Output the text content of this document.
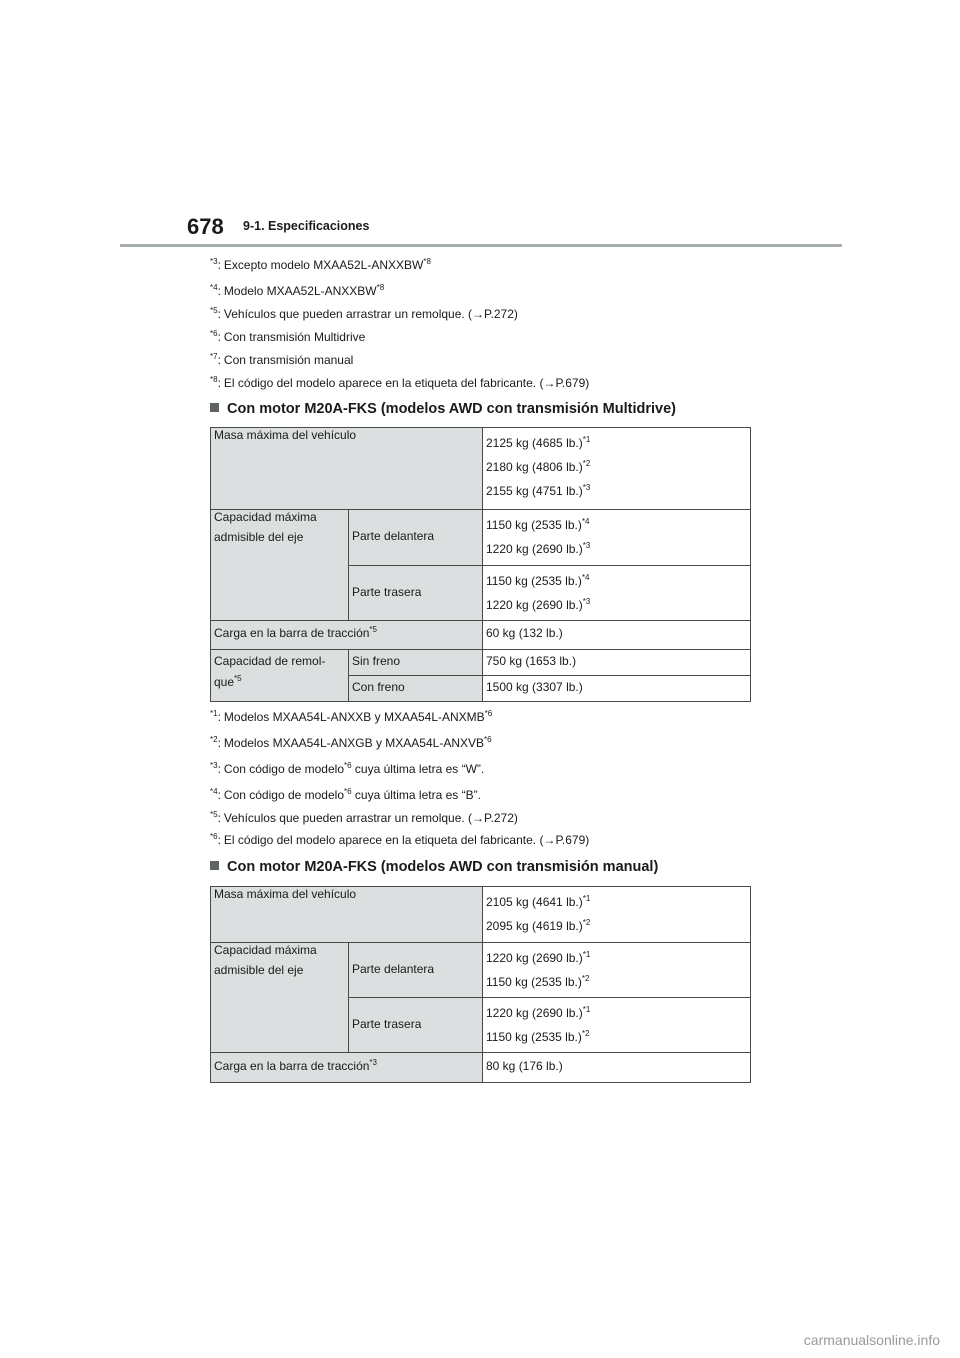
678 9-1. Especificaciones
$^{*3}$: Excepto modelo MXAA52L-ANXXBW$^{*8}$
$^{*4}$: Modelo MXAA52L-ANXXBW$^{*8}$
$^{*5}$: Vehículos que pueden arrastrar un remolque. (→P.272)
$^{*6}$: Con transmisión Multidrive
$^{*7}$: Con transmisión manual
$^{*8}$: El código del modelo aparece en la etiqueta del fabricante. (→P.679)
Con motor M20A-FKS (modelos AWD con transmisión Multidrive)
Masa máxima del vehículo		2125 kg (4685 lb.)$^{*1}$
2180 kg (4806 lb.)$^{*2}$
2155 kg (4751 lb.)$^{*3}$

Capacidad máxima
admisible del eje	Parte delantera	1150 kg (2535 lb.)$^{*4}$
1220 kg (2690 lb.)$^{*3}$

	Parte trasera	1150 kg (2535 lb.)$^{*4}$
1220 kg (2690 lb.)$^{*3}$

Carga en la barra de tracción$^{*5}$		60 kg (132 lb.)

Capacidad de remol-
que$^{*5}$	Sin freno	750 kg (1653 lb.)
	Con freno	1500 kg (3307 lb.)
$^{*1}$: Modelos MXAA54L-ANXXB y MXAA54L-ANXMB$^{*6}$
$^{*2}$: Modelos MXAA54L-ANXGB y MXAA54L-ANXVB$^{*6}$
$^{*3}$: Con código de modelo$^{*6}$ cuya última letra es “W”.
$^{*4}$: Con código de modelo$^{*6}$ cuya última letra es “B”.
$^{*5}$: Vehículos que pueden arrastrar un remolque. (→P.272)
$^{*6}$: El código del modelo aparece en la etiqueta del fabricante. (→P.679)
Con motor M20A-FKS (modelos AWD con transmisión manual)
Masa máxima del vehículo		2105 kg (4641 lb.)$^{*1}$
2095 kg (4619 lb.)$^{*2}$

Capacidad máxima
admisible del eje	Parte delantera	1220 kg (2690 lb.)$^{*1}$
1150 kg (2535 lb.)$^{*2}$

	Parte trasera	1220 kg (2690 lb.)$^{*1}$
1150 kg (2535 lb.)$^{*2}$

Carga en la barra de tracción$^{*3}$		80 kg (176 lb.)
carmanualsonline.info
